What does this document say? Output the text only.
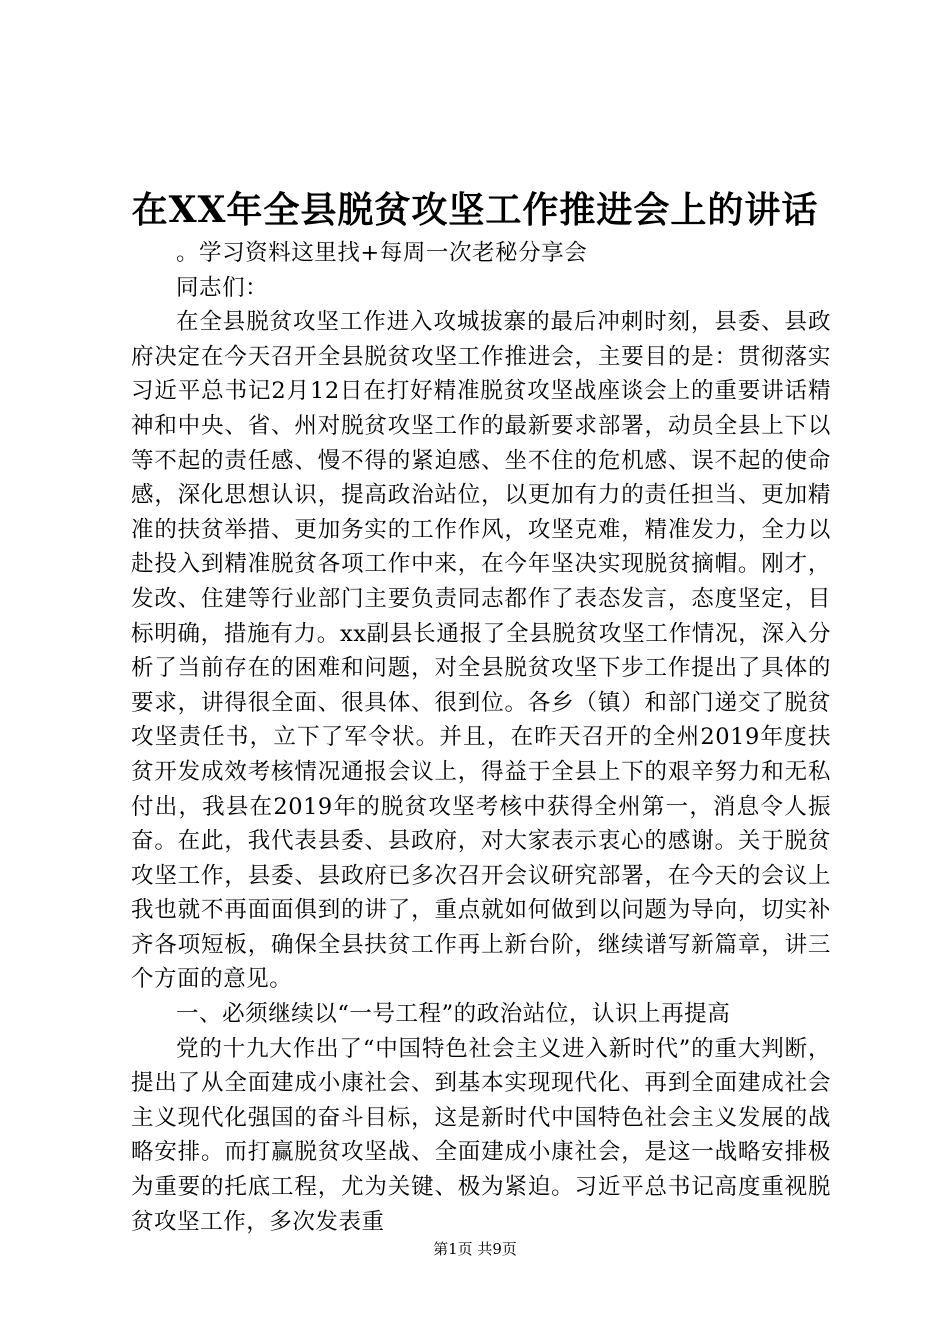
在XX年全县脱贫攻坚工作推进会上的讲话

。学习资料这里找+每周一次老秘分享会

同志们：

在全县脱贫攻坚工作进入攻城拔寨的最后冲刺时刻，县委、县政府决定在今天召开全县脱贫攻坚工作推进会，主要目的是：贯彻落实习近平总书记2月12日在打好精准脱贫攻坚战座谈会上的重要讲话精神和中央、省、州对脱贫攻坚工作的最新要求部署，动员全县上下以等不起的责任感、慢不得的紧迫感、坐不住的危机感、误不起的使命感，深化思想认识，提高政治站位，以更加有力的责任担当、更加精准的扶贫举措、更加务实的工作作风，攻坚克难，精准发力，全力以赴投入到精准脱贫各项工作中来，在今年坚决实现脱贫摘帽。刚才，发改、住建等行业部门主要负责同志都作了表态发言，态度坚定，目标明确，措施有力。xx副县长通报了全县脱贫攻坚工作情况，深入分析了当前存在的困难和问题，对全县脱贫攻坚下步工作提出了具体的要求，讲得很全面、很具体、很到位。各乡（镇）和部门递交了脱贫攻坚责任书，立下了军令状。并且，在昨天召开的全州2019年度扶贫开发成效考核情况通报会议上，得益于全县上下的艰辛努力和无私付出，我县在2019年的脱贫攻坚考核中获得全州第一，消息令人振奋。在此，我代表县委、县政府，对大家表示衷心的感谢。关于脱贫攻坚工作，县委、县政府已多次召开会议研究部署，在今天的会议上我也就不再面面俱到的讲了，重点就如何做到以问题为导向，切实补齐各项短板，确保全县扶贫工作再上新台阶，继续谱写新篇章，讲三个方面的意见。

一、必须继续以“一号工程”的政治站位，认识上再提高

党的十九大作出了“中国特色社会主义进入新时代”的重大判断，提出了从全面建成小康社会、到基本实现现代化、再到全面建成社会主义现代化强国的奋斗目标，这是新时代中国特色社会主义发展的战略安排。而打赢脱贫攻坚战、全面建成小康社会，是这一战略安排极为重要的托底工程，尤为关键、极为紧迫。习近平总书记高度重视脱贫攻坚工作，多次发表重

第1页 共9页
